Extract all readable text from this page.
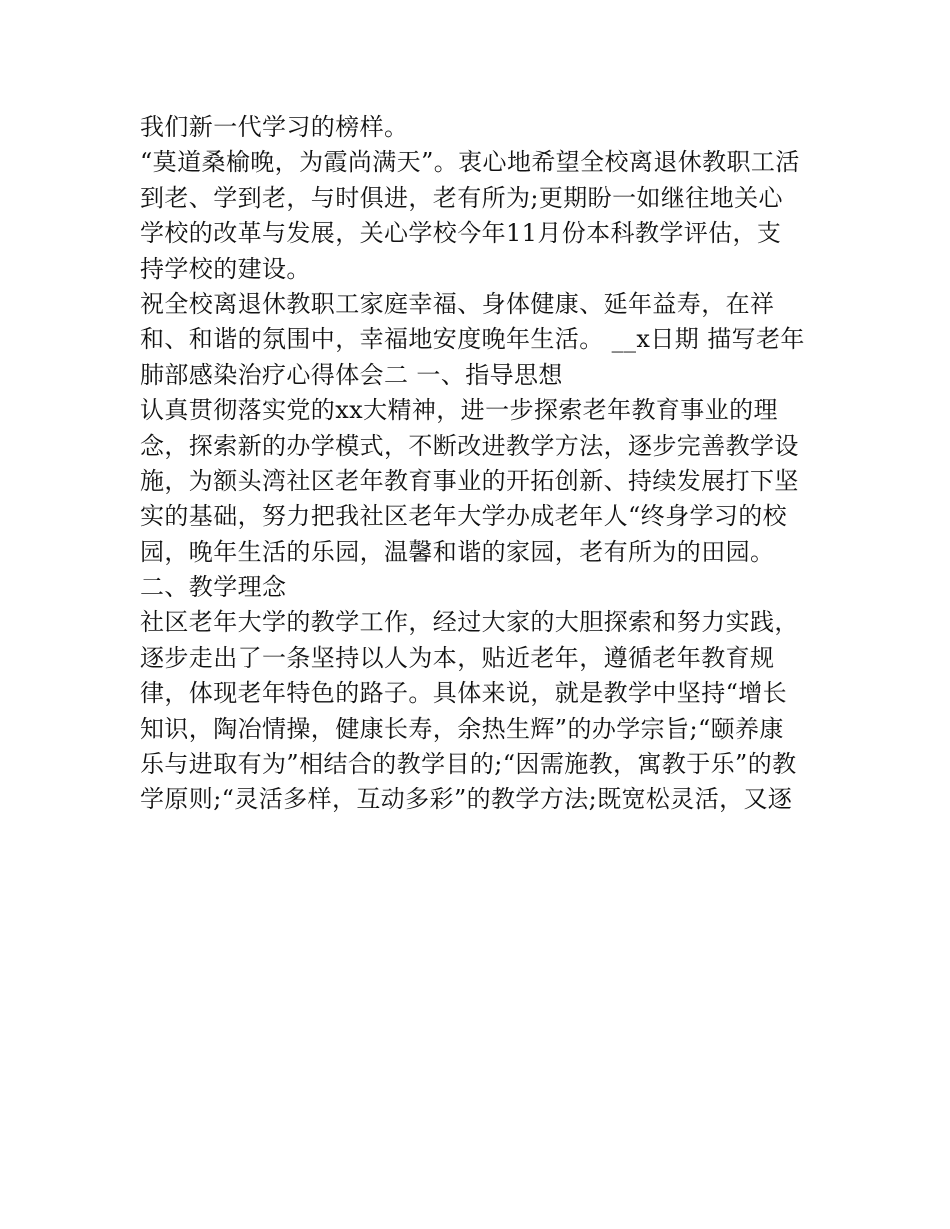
我们新一代学习的榜样。

“莫道桑榆晚，为霞尚满天”。衷心地希望全校离退休教职工活

到老、学到老，与时俱进，老有所为;更期盼一如继往地关心

学校的改革与发展，关心学校今年11月份本科教学评估，支

持学校的建设。

祝全校离退休教职工家庭幸福、身体健康、延年益寿，在祥

和、和谐的氛围中，幸福地安度晚年生活。 __x日期 描写老年

肺部感染治疗心得体会二 一、指导思想

认真贯彻落实党的xx大精神，进一步探索老年教育事业的理

念，探索新的办学模式，不断改进教学方法，逐步完善教学设

施，为额头湾社区老年教育事业的开拓创新、持续发展打下坚

实的基础，努力把我社区老年大学办成老年人“终身学习的校

园，晚年生活的乐园，温馨和谐的家园，老有所为的田园。

二、教学理念

社区老年大学的教学工作，经过大家的大胆探索和努力实践，

逐步走出了一条坚持以人为本，贴近老年，遵循老年教育规

律，体现老年特色的路子。具体来说，就是教学中坚持“增长

知识，陶冶情操，健康长寿，余热生辉”的办学宗旨;“颐养康

乐与进取有为”相结合的教学目的;“因需施教，寓教于乐”的教

学原则;“灵活多样，互动多彩”的教学方法;既宽松灵活，又逐
